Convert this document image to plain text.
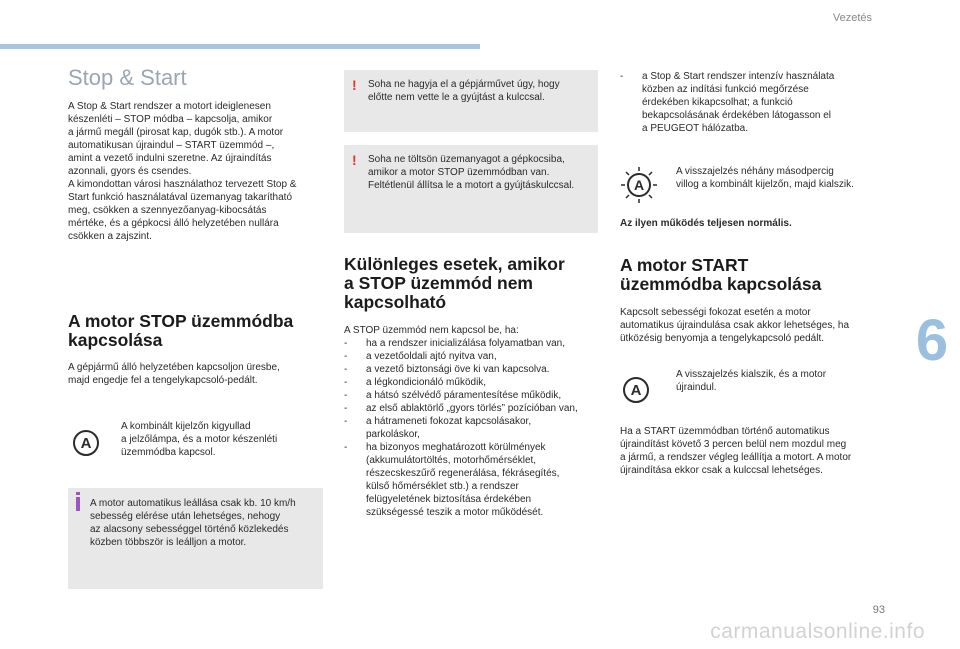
Vezetés
6
Stop & Start

A Stop & Start rendszer a motort ideiglenesen

készenléti – STOP módba – kapcsolja, amikor

a jármű megáll (pirosat kap, dugók stb.). A motor

automatikusan újraindul – START üzemmód –,

amint a vezető indulni szeretne. Az újraindítás

azonnali, gyors és csendes.

A kimondottan városi használathoz tervezett Stop &

Start funkció használatával üzemanyag takarítható

meg, csökken a szennyezőanyag-kibocsátás

mértéke, és a gépkocsi álló helyzetében nullára

csökken a zajszint.

A motor STOP üzemmódba
kapcsolása

A gépjármű álló helyzetében kapcsoljon üresbe,

majd engedje fel a tengelykapcsoló-pedált.

A

A kombinált kijelzőn kigyullad

a jelzőlámpa, és a motor készenléti

üzemmódba kapcsol.

A motor automatikus leállása csak kb. 10 km/h

sebesség elérése után lehetséges, nehogy

az alacsony sebességgel történő közlekedés

közben többször is leálljon a motor.

! Soha ne hagyja el a gépjárművet úgy, hogy

előtte nem vette le a gyújtást a kulccsal.

! Soha ne töltsön üzemanyagot a gépkocsiba,

amikor a motor STOP üzemmódban van.

Feltétlenül állítsa le a motort a gyújtáskulccsal.

Különleges esetek, amikor
a STOP üzemmód nem
kapcsolható

A STOP üzemmód nem kapcsol be, ha:

- ha a rendszer inicializálása folyamatban van,
- a vezetőoldali ajtó nyitva van,
- a vezető biztonsági öve ki van kapcsolva.
- a légkondicionáló működik,
- a hátsó szélvédő páramentesítése működik,
- az első ablaktörlő „gyors törlés” pozícióban van,
- a hátrameneti fokozat kapcsolásakor,
parkoláskor,
- ha bizonyos meghatározott körülmények
(akkumulátortöltés, motorhőmérséklet,
részecskeszűrő regenerálása, fékrásegítés,
külső hőmérséklet stb.) a rendszer
felügyeletének biztosítása érdekében
szükségessé teszik a motor működését.
- a Stop & Start rendszer intenzív használata
közben az indítási funkció megőrzése
érdekében kikapcsolhat; a funkció
bekapcsolásának érdekében látogasson el
a PEUGEOT hálózatba.
A

A visszajelzés néhány másodpercig

villog a kombinált kijelzőn, majd kialszik.

Az ilyen működés teljesen normális.
A motor START
üzemmódba kapcsolása

Kapcsolt sebességi fokozat esetén a motor

automatikus újraindulása csak akkor lehetséges, ha

ütközésig benyomja a tengelykapcsoló pedált.

A

A visszajelzés kialszik, és a motor

újraindul.

Ha a START üzemmódban történő automatikus

újraindítást követő 3 percen belül nem mozdul meg

a jármű, a rendszer végleg leállítja a motort. A motor

újraindítása ekkor csak a kulccsal lehetséges.

93
carmanualsonline.info
